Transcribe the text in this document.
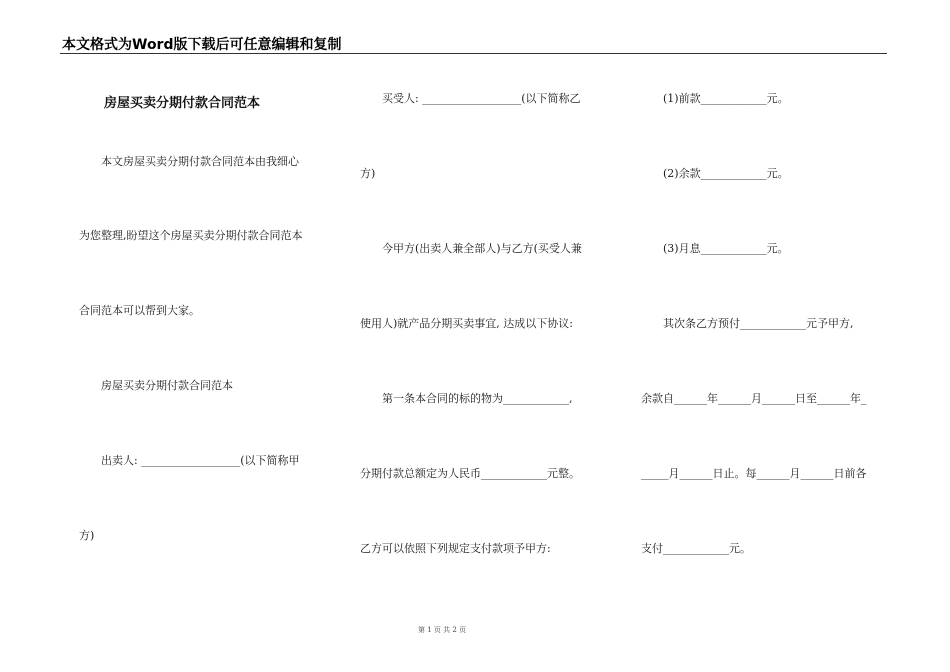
本文格式为Word版下载后可任意编辑和复制
房屋买卖分期付款合同范本
本文房屋买卖分期付款合同范本由我细心
为您整理,盼望这个房屋买卖分期付款合同范本
合同范本可以帮到大家。
房屋买卖分期付款合同范本
出卖人: __________________(以下简称甲
方)
买受人: __________________(以下简称乙
方)
今甲方(出卖人兼全部人)与乙方(买受人兼
使用人)就产品分期买卖事宜, 达成以下协议:
第一条本合同的标的物为____________,
分期付款总额定为人民币____________元整。
乙方可以依照下列规定支付款项予甲方:
(1)前款____________元。
(2)余款____________元。
(3)月息____________元。
其次条乙方预付____________元予甲方,
余款自______年______月______日至______年_
_____月______日止。每______月______日前各
支付____________元。
第 1 页 共 2 页
